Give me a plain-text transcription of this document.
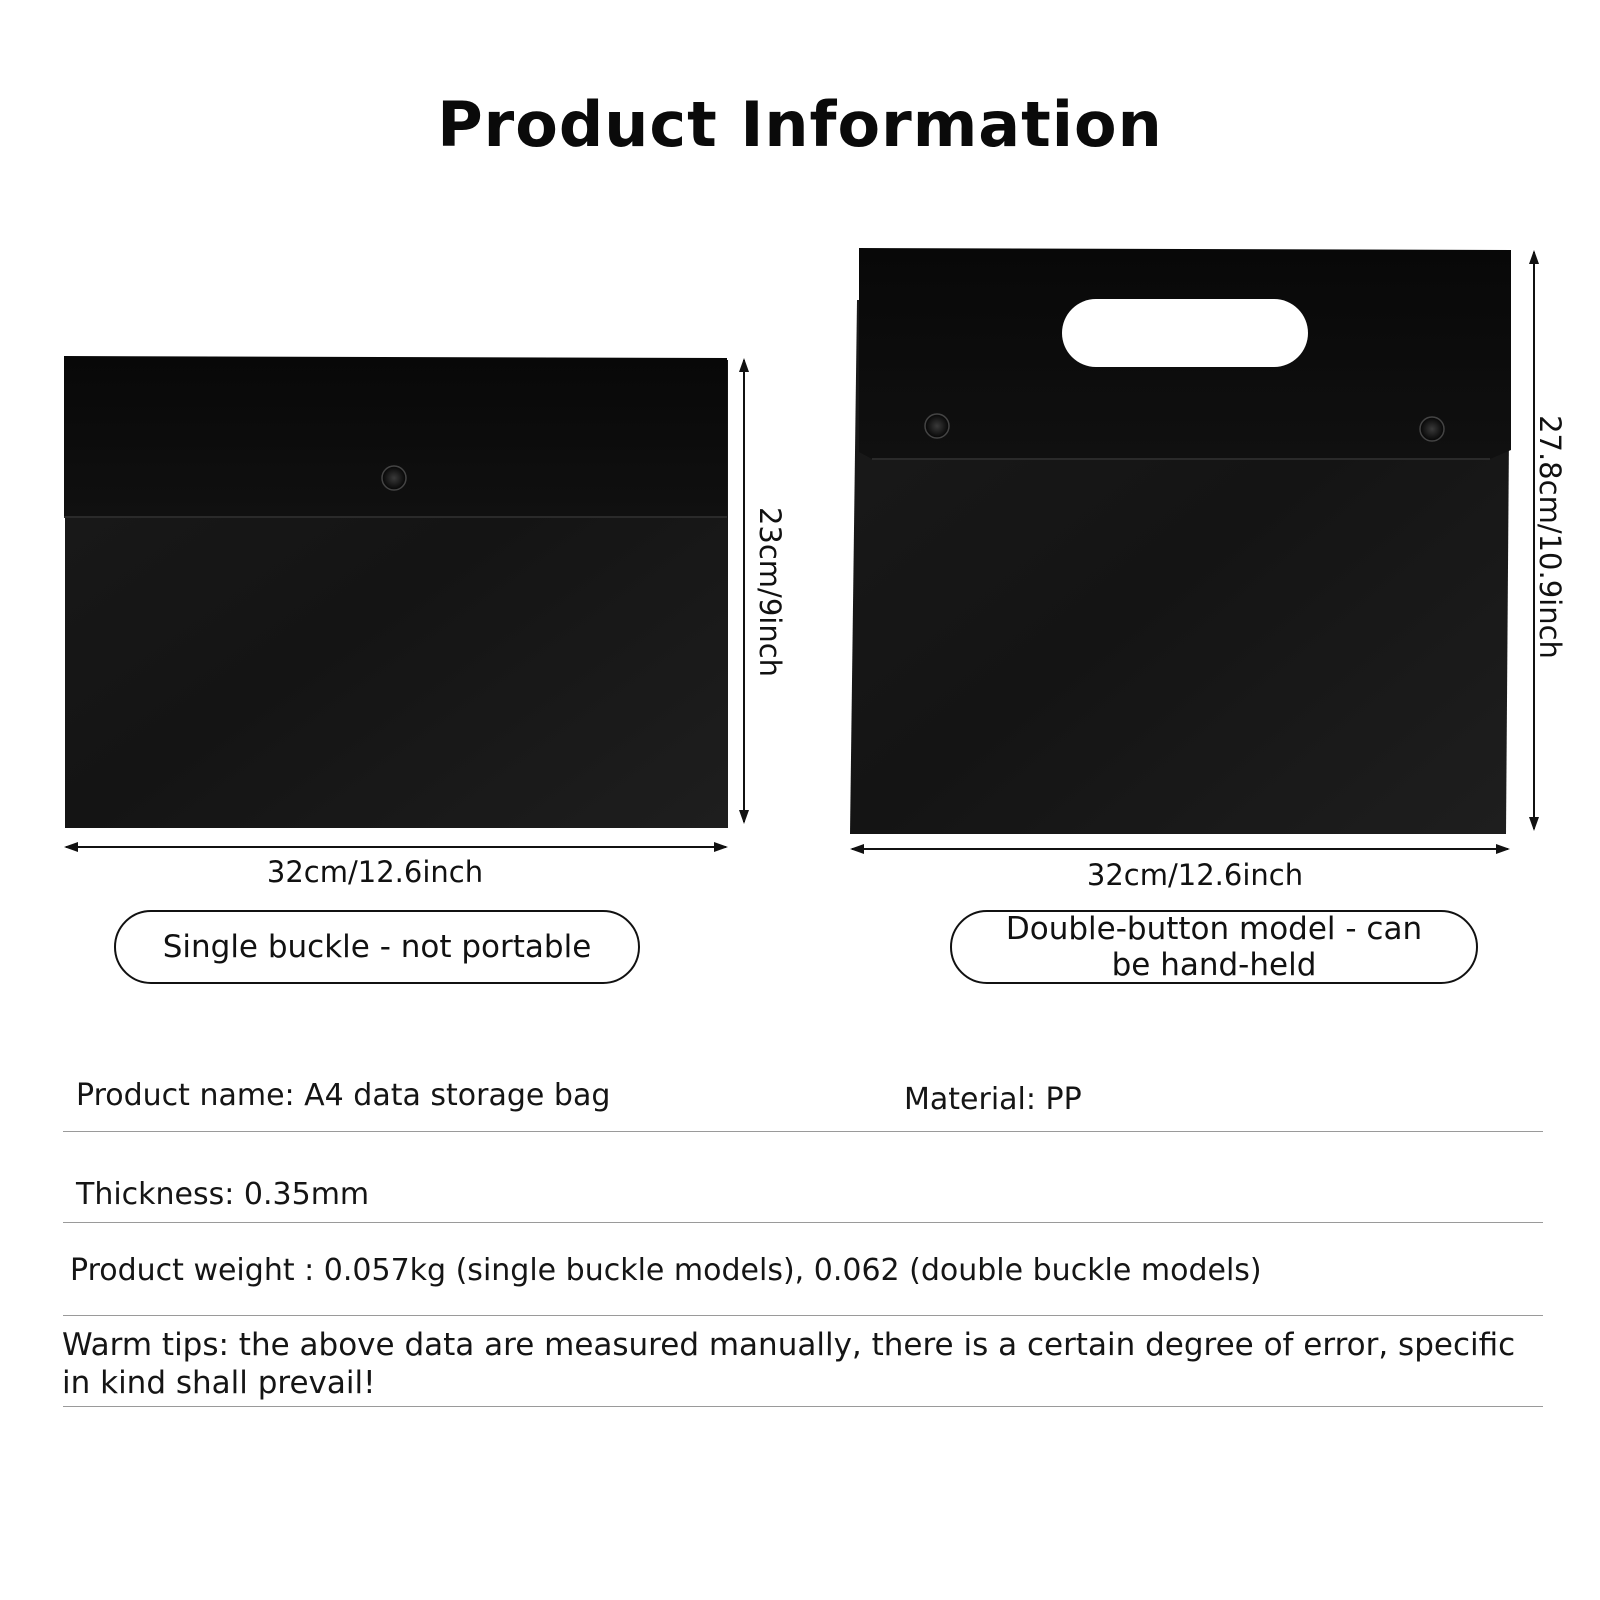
Product Information
32cm/12.6inch
23cm/9inch
32cm/12.6inch
27.8cm/10.9inch
Single buckle - not portable	Double-button model - can be hand-held
Product name: A4 data storage bag	Material: PP
Thickness: 0.35mm
Product weight : 0.057kg (single buckle models), 0.062 (double buckle models)
Warm tips: the above data are measured manually, there is a certain degree of error, specific in kind shall prevail!
